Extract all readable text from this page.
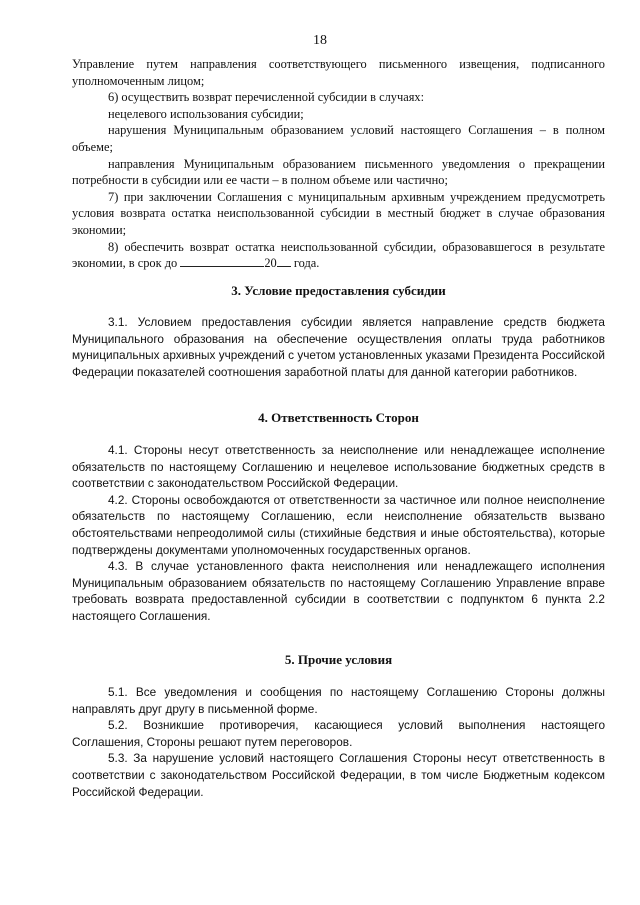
18

Управление путем направления соответствующего письменного извещения, подписанного уполномоченным лицом;

6) осуществить возврат перечисленной субсидии в случаях:

нецелевого использования субсидии;

нарушения Муниципальным образованием условий настоящего Соглашения – в полном объеме;

направления Муниципальным образованием письменного уведомления о прекращении потребности в субсидии или ее части – в полном объеме или частично;

7) при заключении Соглашения с муниципальным архивным учреждением предусмотреть условия возврата остатка неиспользованной субсидии в местный бюджет в случае образования экономии;

8) обеспечить возврат остатка неиспользованной субсидии, образовавшегося в результате экономии, в срок до	20 года.

3. Условие предоставления субсидии

3.1. Условием предоставления субсидии является направление средств бюджета Муниципального образования на обеспечение осуществления оплаты труда работников муниципальных архивных учреждений с учетом установленных указами Президента Российской Федерации показателей соотношения заработной платы для данной категории работников.

4. Ответственность Сторон

4.1. Стороны несут ответственность за неисполнение или ненадлежащее исполнение обязательств по настоящему Соглашению и нецелевое использование бюджетных средств в соответствии с законодательством Российской Федерации.

4.2. Стороны освобождаются от ответственности за частичное или полное неисполнение обязательств по настоящему Соглашению, если неисполнение обязательств вызвано обстоятельствами непреодолимой силы (стихийные бедствия и иные обстоятельства), которые подтверждены документами уполномоченных государственных органов.

4.3. В случае установленного факта неисполнения или ненадлежащего исполнения Муниципальным образованием обязательств по настоящему Соглашению Управление вправе требовать возврата предоставленной субсидии в соответствии с подпунктом 6 пункта 2.2 настоящего Соглашения.

5. Прочие условия

5.1. Все уведомления и сообщения по настоящему Соглашению Стороны должны направлять друг другу в письменной форме.

5.2. Возникшие противоречия, касающиеся условий выполнения настоящего Соглашения, Стороны решают путем переговоров.

5.3. За нарушение условий настоящего Соглашения Стороны несут ответственность в соответствии с законодательством Российской Федерации, в том числе Бюджетным кодексом Российской Федерации.
